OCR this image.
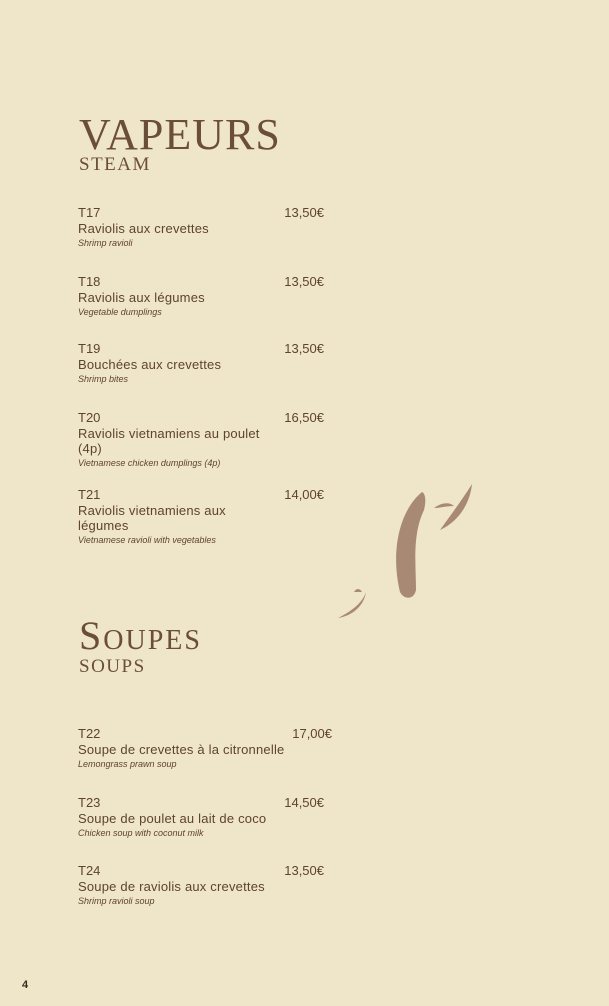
VAPEURS
STEAM
T17	13,50€
Raviolis aux crevettes
Shrimp ravioli
T18	13,50€
Raviolis aux légumes
Vegetable dumplings
T19	13,50€
Bouchées aux crevettes
Shrimp bites
T20	16,50€
Raviolis vietnamiens au poulet (4p)
Vietnamese chicken dumplings (4p)
T21	14,00€
Raviolis vietnamiens aux légumes
Vietnamese ravioli with vegetables
Soupes
SOUPS
T22	17,00€
Soupe de crevettes à la citronnelle
Lemongrass prawn soup
T23	14,50€
Soupe de poulet au lait de coco
Chicken soup with coconut milk
T24	13,50€
Soupe de raviolis aux crevettes
Shrimp ravioli soup
4
